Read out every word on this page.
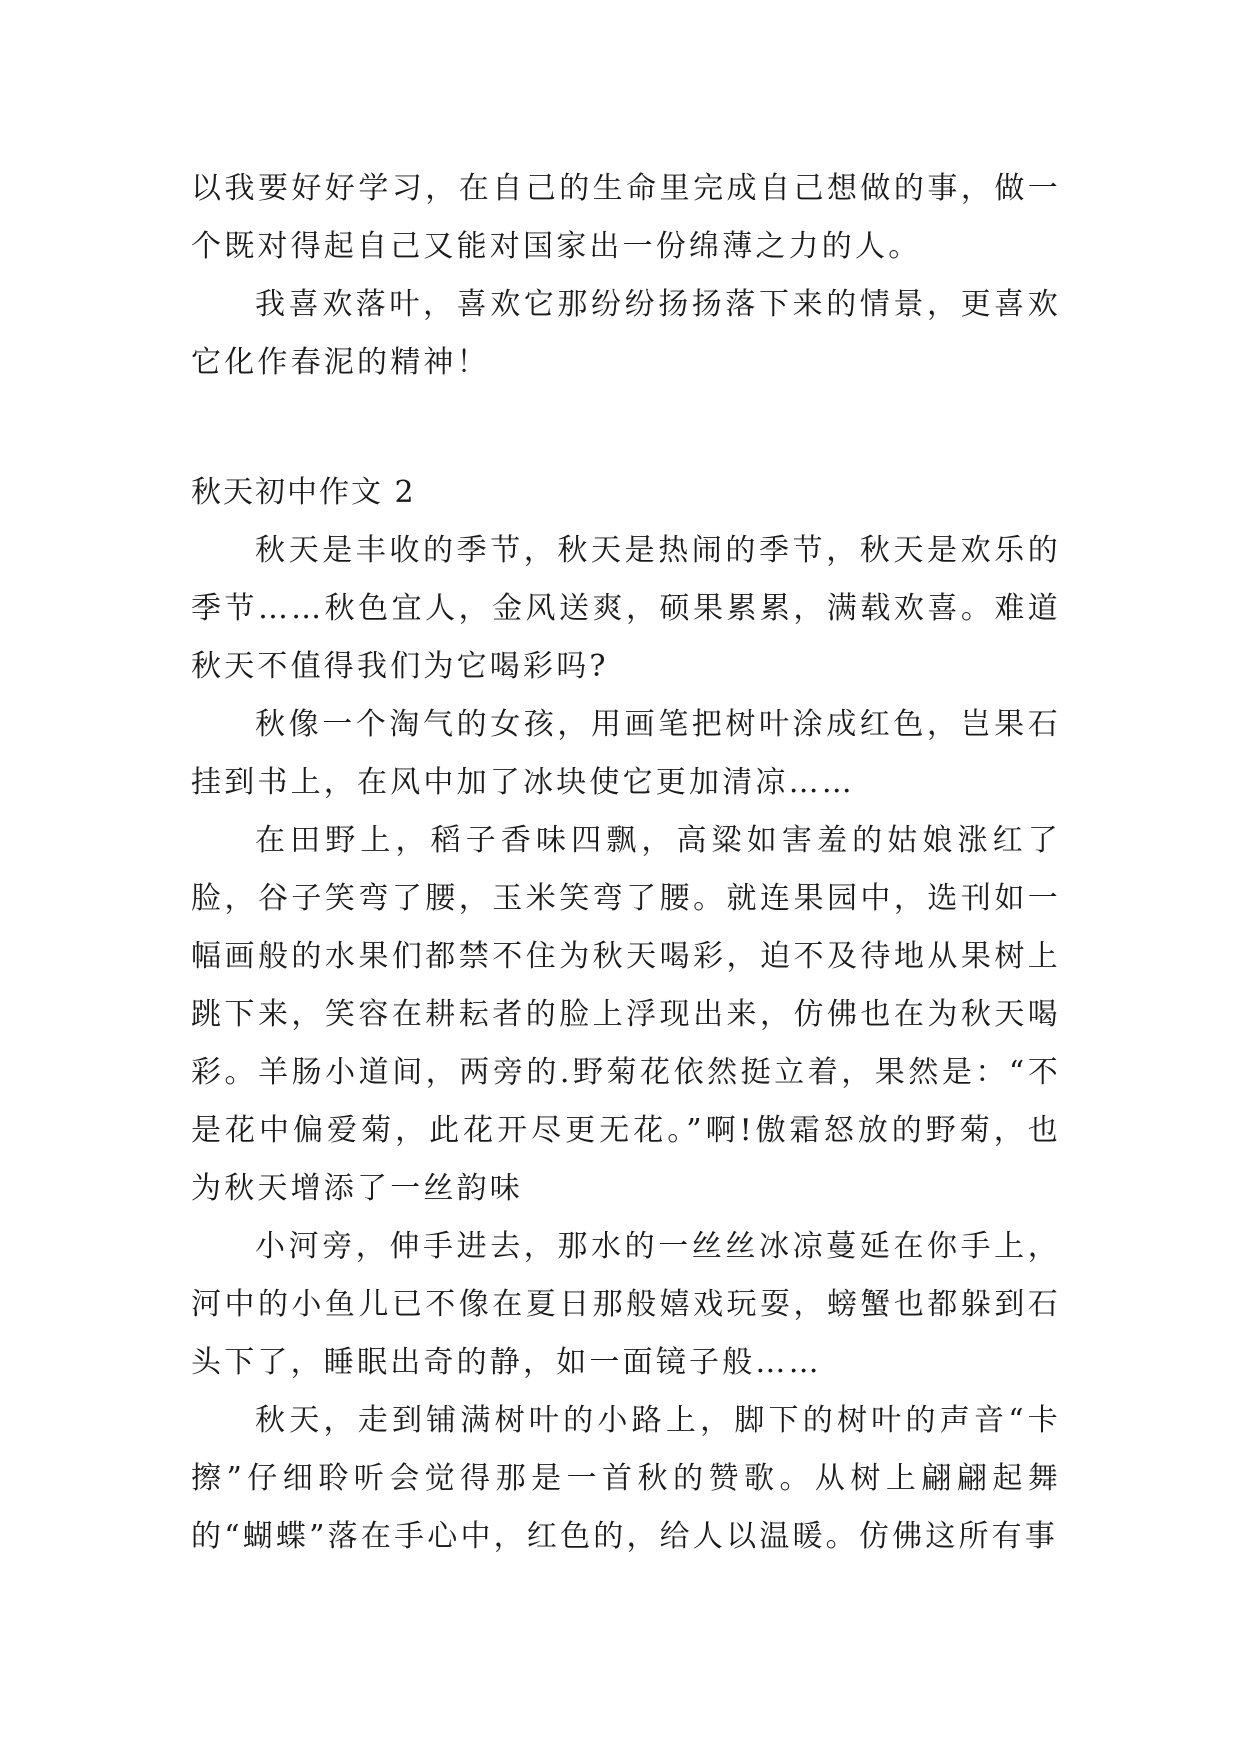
以我要好好学习，在自己的生命里完成自己想做的事，做一个既对得起自己又能对国家出一份绵薄之力的人。

我喜欢落叶，喜欢它那纷纷扬扬落下来的情景，更喜欢它化作春泥的精神！

秋天初中作文 2

秋天是丰收的季节，秋天是热闹的季节，秋天是欢乐的季节……秋色宜人，金风送爽，硕果累累，满载欢喜。难道秋天不值得我们为它喝彩吗?

秋像一个淘气的女孩，用画笔把树叶涂成红色，岂果石挂到书上，在风中加了冰块使它更加清凉……

在田野上，稻子香味四飘，高粱如害羞的姑娘涨红了脸，谷子笑弯了腰，玉米笑弯了腰。就连果园中，选刊如一幅画般的水果们都禁不住为秋天喝彩，迫不及待地从果树上跳下来，笑容在耕耘者的脸上浮现出来，仿佛也在为秋天喝彩。羊肠小道间，两旁的.野菊花依然挺立着，果然是：“不是花中偏爱菊，此花开尽更无花。”啊!傲霜怒放的野菊，也为秋天增添了一丝韵味

小河旁，伸手进去，那水的一丝丝冰凉蔓延在你手上，河中的小鱼儿已不像在夏日那般嬉戏玩耍，螃蟹也都躲到石头下了，睡眠出奇的静，如一面镜子般……

秋天，走到铺满树叶的小路上，脚下的树叶的声音“卡擦”仔细聆听会觉得那是一首秋的赞歌。从树上翩翩起舞的“蝴蝶”落在手心中，红色的，给人以温暖。仿佛这所有事
